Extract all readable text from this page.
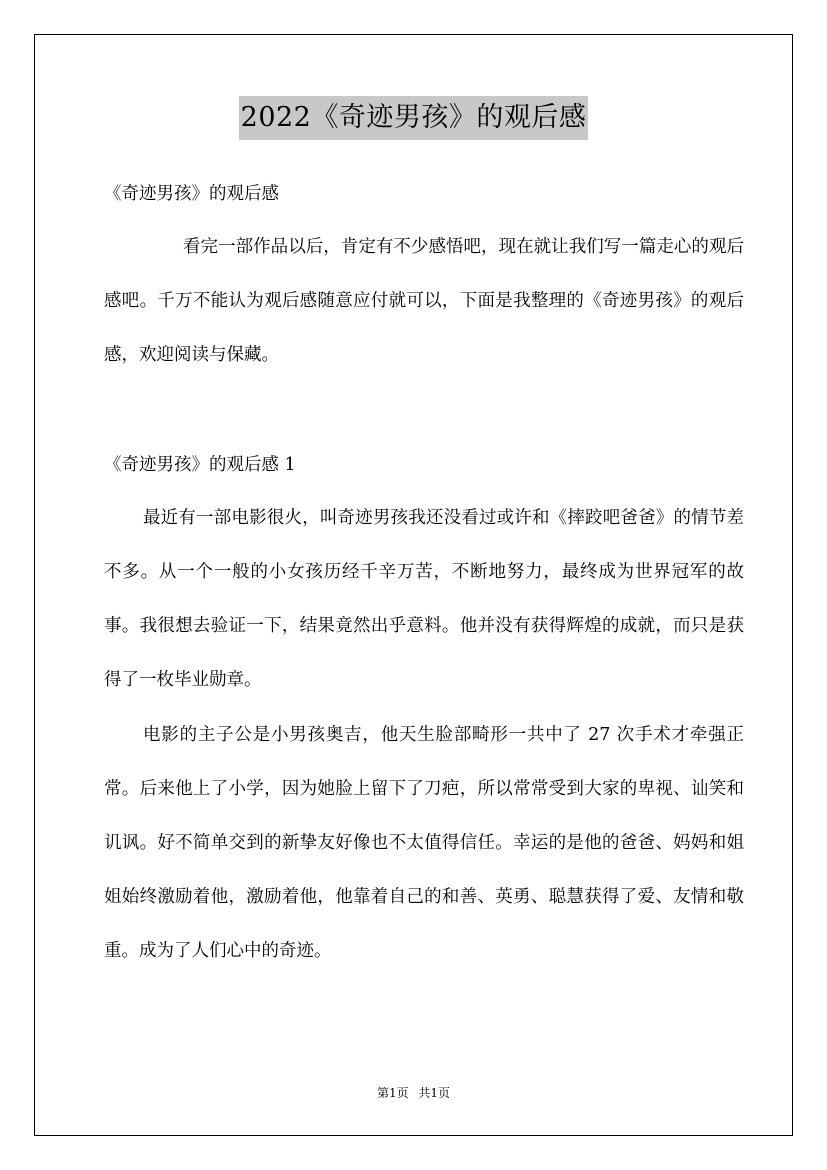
2022《奇迹男孩》的观后感

《奇迹男孩》的观后感

看完一部作品以后，肯定有不少感悟吧，现在就让我们写一篇走心的观后感吧。千万不能认为观后感随意应付就可以，下面是我整理的《奇迹男孩》的观后感，欢迎阅读与保藏。

《奇迹男孩》的观后感 1

最近有一部电影很火，叫奇迹男孩我还没看过或许和《摔跤吧爸爸》的情节差不多。从一个一般的小女孩历经千辛万苦，不断地努力，最终成为世界冠军的故事。我很想去验证一下，结果竟然出乎意料。他并没有获得辉煌的成就，而只是获得了一枚毕业勋章。

电影的主子公是小男孩奥吉，他天生脸部畸形一共中了 27 次手术才牵强正常。后来他上了小学，因为她脸上留下了刀疤，所以常常受到大家的卑视、讪笑和讥讽。好不简单交到的新挚友好像也不太值得信任。幸运的是他的爸爸、妈妈和姐姐始终激励着他，激励着他，他靠着自己的和善、英勇、聪慧获得了爱、友情和敬重。成为了人们心中的奇迹。

第1页 共1页
